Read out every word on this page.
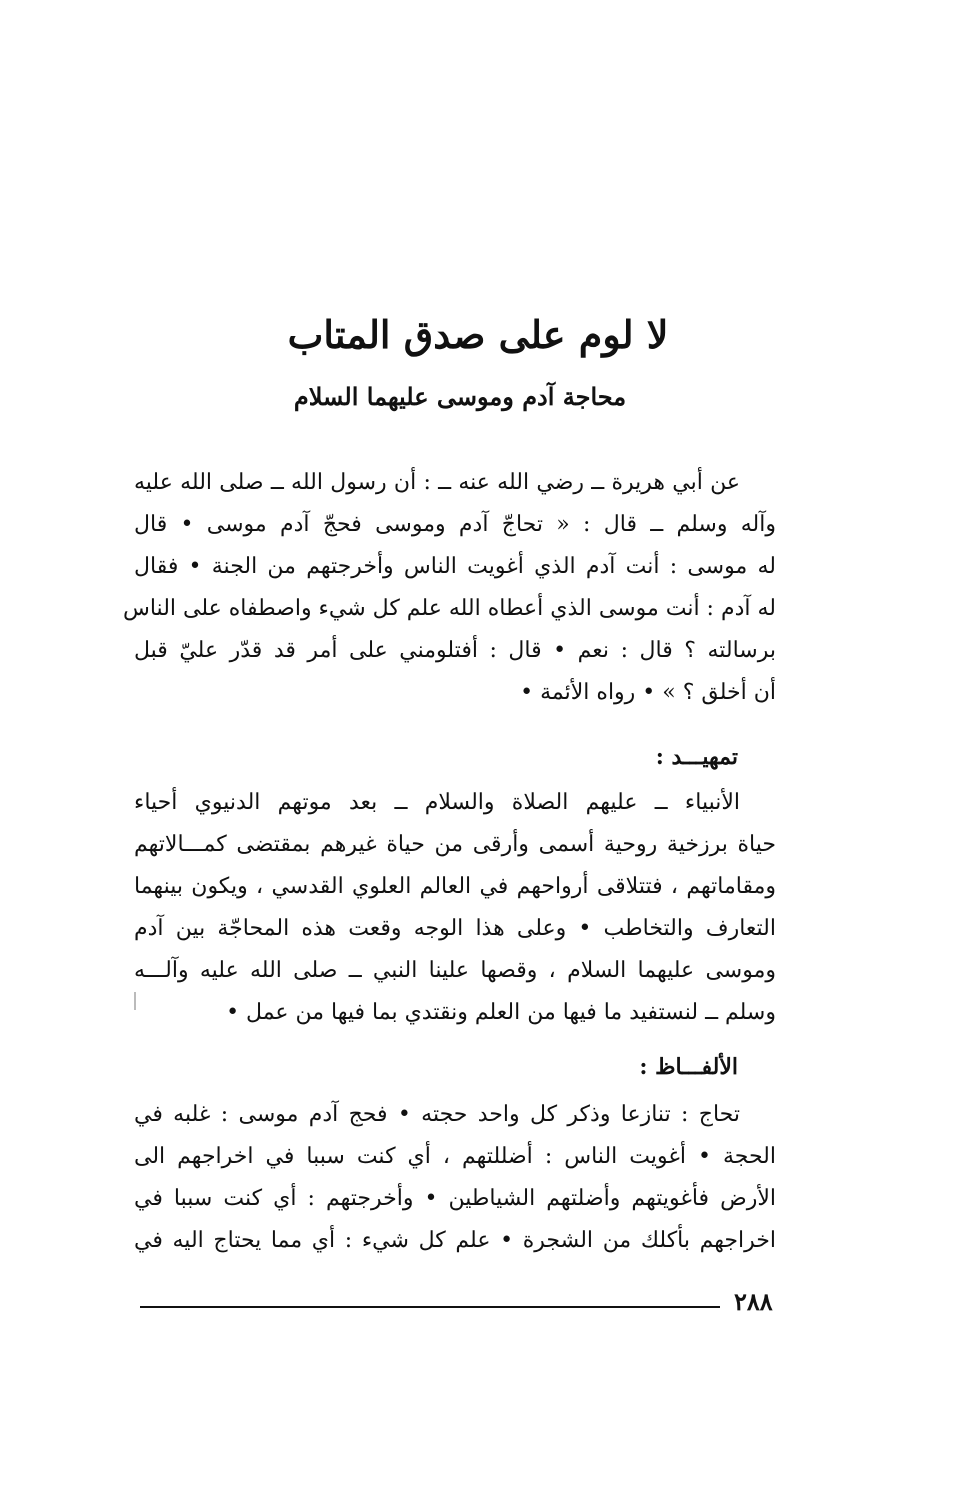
لا لوم على صدق المتاب
محاجة آدم وموسى عليهما السلام
عن أبي هريرة ــ رضي الله عنه ــ : أن رسول الله ــ صلى الله عليه
وآله وسلم ــ قال : « تحاجّ آدم وموسى فحجّ آدم موسى • قال
له موسى : أنت آدم الذي أغويت الناس وأخرجتهم من الجنة • فقال
له آدم : أنت موسى الذي أعطاه الله علم كل شيء واصطفاه على الناس
برسالته ؟ قال : نعم • قال : أفتلومني على أمر قد قدّر عليّ قبل
أن أخلق ؟ » • رواه الأئمة •
تمهيـــد :
الأنبياء ــ عليهم الصلاة والسلام ــ بعد موتهم الدنيوي أحياء
حياة برزخية روحية أسمى وأرقى من حياة غيرهم بمقتضى كمـــالاتهم
ومقاماتهم ، فتتلاقى أرواحهم في العالم العلوي القدسي ، ويكون بينهما
التعارف والتخاطب • وعلى هذا الوجه وقعت هذه المحاجّة بين آدم
وموسى عليهما السلام ، وقصها علينا النبي ــ صلى الله عليه وآلـــه
وسلم ــ لنستفيد ما فيها من العلم ونقتدي بما فيها من عمل •
الألفـــاظ :
تحاج : تنازعا وذكر كل واحد حجته • فحج آدم موسى : غلبه في
الحجة • أغويت الناس : أضللتهم ، أي كنت سببا في اخراجهم الى
الأرض فأغويتهم وأضلتهم الشياطين • وأخرجتهم : أي كنت سببا في
اخراجهم بأكلك من الشجرة • علم كل شيء : أي مما يحتاج اليه في
٢٨٨
